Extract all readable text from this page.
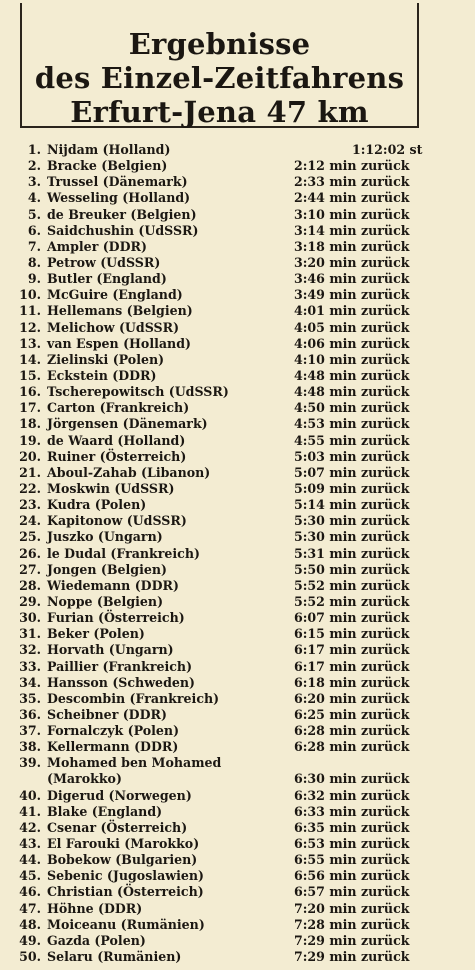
Ergebnisse
des Einzel-Zeitfahrens
Erfurt-Jena 47 km
1. Nijdam (Holland)	1:12:02 st
2. Bracke (Belgien)	2:12 min zurück
3. Trussel (Dänemark)	2:33 min zurück
4. Wesseling (Holland)	2:44 min zurück
5. de Breuker (Belgien)	3:10 min zurück
6. Saidchushin (UdSSR)	3:14 min zurück
7. Ampler (DDR)	3:18 min zurück
8. Petrow (UdSSR)	3:20 min zurück
9. Butler (England)	3:46 min zurück
10. McGuire (England)	3:49 min zurück
11. Hellemans (Belgien)	4:01 min zurück
12. Melichow (UdSSR)	4:05 min zurück
13. van Espen (Holland)	4:06 min zurück
14. Zielinski (Polen)	4:10 min zurück
15. Eckstein (DDR)	4:48 min zurück
16. Tscherepowitsch (UdSSR)	4:48 min zurück
17. Carton (Frankreich)	4:50 min zurück
18. Jörgensen (Dänemark)	4:53 min zurück
19. de Waard (Holland)	4:55 min zurück
20. Ruiner (Österreich)	5:03 min zurück
21. Aboul-Zahab (Libanon)	5:07 min zurück
22. Moskwin (UdSSR)	5:09 min zurück
23. Kudra (Polen)	5:14 min zurück
24. Kapitonow (UdSSR)	5:30 min zurück
25. Juszko (Ungarn)	5:30 min zurück
26. le Dudal (Frankreich)	5:31 min zurück
27. Jongen (Belgien)	5:50 min zurück
28. Wiedemann (DDR)	5:52 min zurück
29. Noppe (Belgien)	5:52 min zurück
30. Furian (Österreich)	6:07 min zurück
31. Beker (Polen)	6:15 min zurück
32. Horvath (Ungarn)	6:17 min zurück
33. Paillier (Frankreich)	6:17 min zurück
34. Hansson (Schweden)	6:18 min zurück
35. Descombin (Frankreich)	6:20 min zurück
36. Scheibner (DDR)	6:25 min zurück
37. Fornalczyk (Polen)	6:28 min zurück
38. Kellermann (DDR)	6:28 min zurück
39. Mohamed ben Mohamed (Marokko)	6:30 min zurück
40. Digerud (Norwegen)	6:32 min zurück
41. Blake (England)	6:33 min zurück
42. Csenar (Österreich)	6:35 min zurück
43. El Farouki (Marokko)	6:53 min zurück
44. Bobekow (Bulgarien)	6:55 min zurück
45. Sebenic (Jugoslawien)	6:56 min zurück
46. Christian (Österreich)	6:57 min zurück
47. Höhne (DDR)	7:20 min zurück
48. Moiceanu (Rumänien)	7:28 min zurück
49. Gazda (Polen)	7:29 min zurück
50. Selaru (Rumänien)	7:29 min zurück
